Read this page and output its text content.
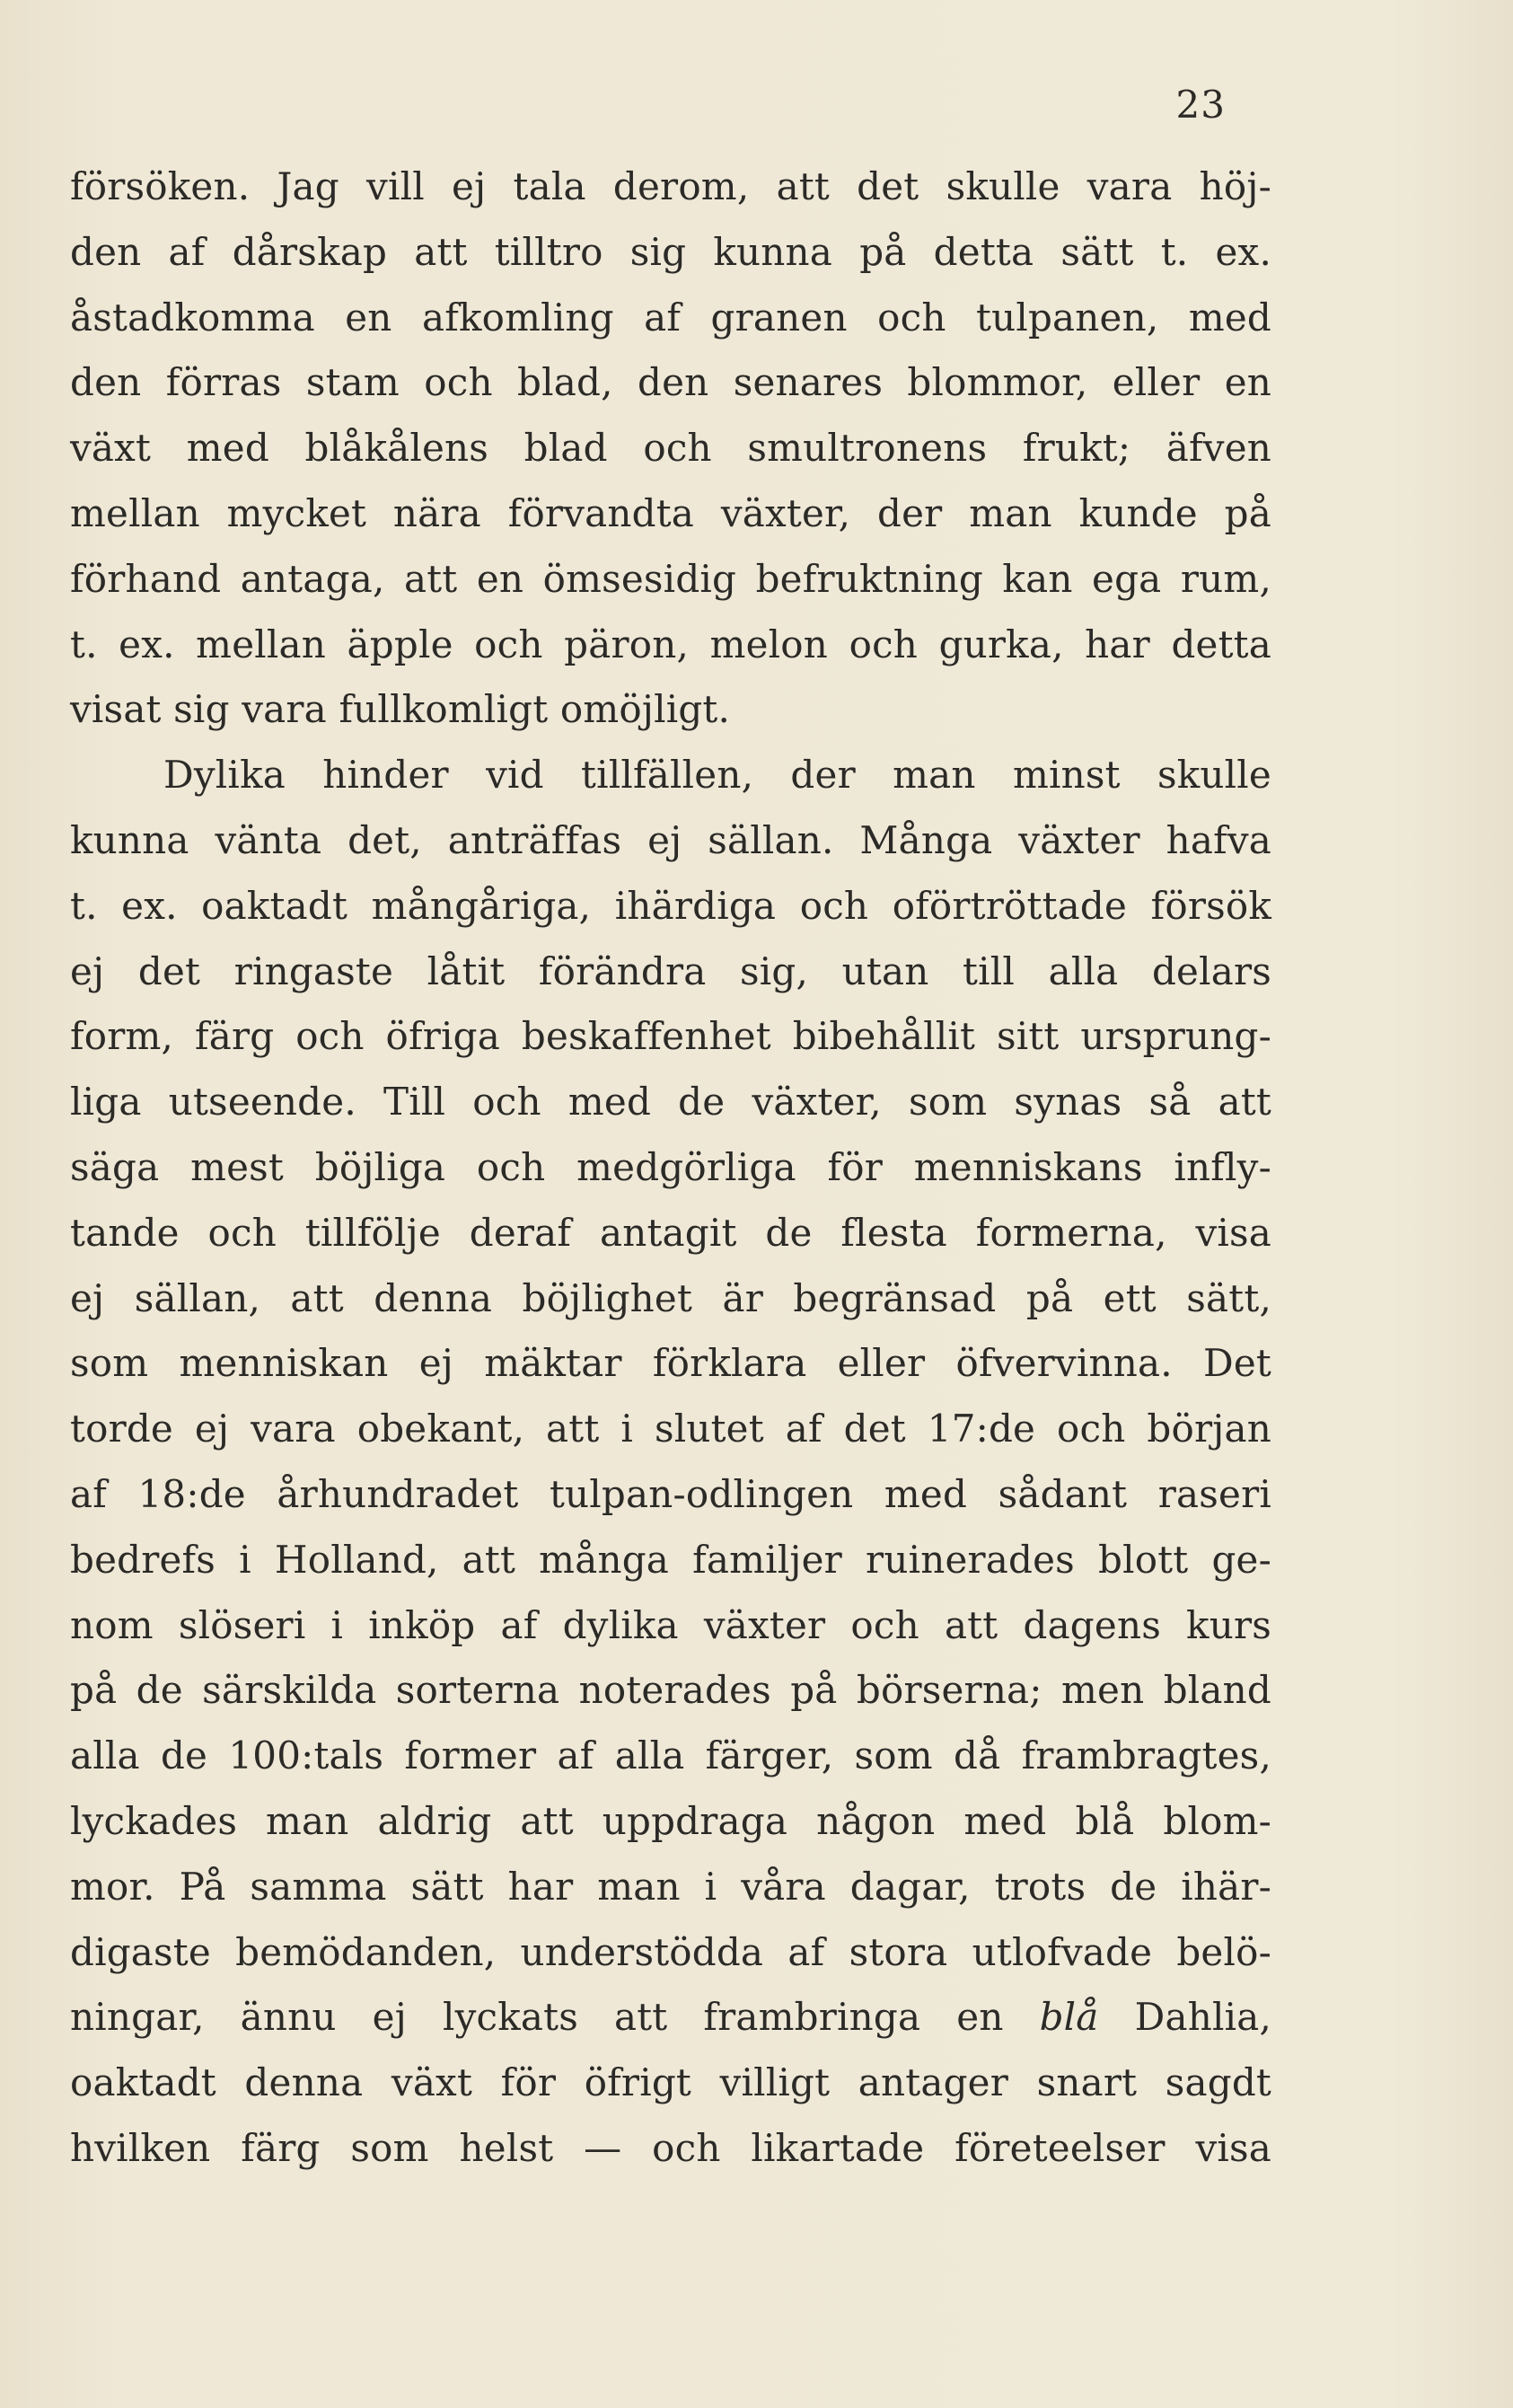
23
försöken. Jag vill ej tala derom, att det skulle vara höj-
den af dårskap att tilltro sig kunna på detta sätt t. ex.
åstadkomma en afkomling af granen och tulpanen, med
den förras stam och blad, den senares blommor, eller en
växt med blåkålens blad och smultronens frukt; äfven
mellan mycket nära förvandta växter, der man kunde på
förhand antaga, att en ömsesidig befruktning kan ega rum,
t. ex. mellan äpple och päron, melon och gurka, har detta
visat sig vara fullkomligt omöjligt.
Dylika hinder vid tillfällen, der man minst skulle
kunna vänta det, anträffas ej sällan. Många växter hafva
t. ex. oaktadt mångåriga, ihärdiga och oförtröttade försök
ej det ringaste låtit förändra sig, utan till alla delars
form, färg och öfriga beskaffenhet bibehållit sitt ursprung-
liga utseende. Till och med de växter, som synas så att
säga mest böjliga och medgörliga för menniskans infly-
tande och tillfölje deraf antagit de flesta formerna, visa
ej sällan, att denna böjlighet är begränsad på ett sätt,
som menniskan ej mäktar förklara eller öfvervinna. Det
torde ej vara obekant, att i slutet af det 17:de och början
af 18:de århundradet tulpan-odlingen med sådant raseri
bedrefs i Holland, att många familjer ruinerades blott ge-
nom slöseri i inköp af dylika växter och att dagens kurs
på de särskilda sorterna noterades på börserna; men bland
alla de 100:tals former af alla färger, som då frambragtes,
lyckades man aldrig att uppdraga någon med blå blom-
mor. På samma sätt har man i våra dagar, trots de ihär-
digaste bemödanden, understödda af stora utlofvade belö-
ningar, ännu ej lyckats att frambringa en blå Dahlia,
oaktadt denna växt för öfrigt villigt antager snart sagdt
hvilken färg som helst — och likartade företeelser visa
